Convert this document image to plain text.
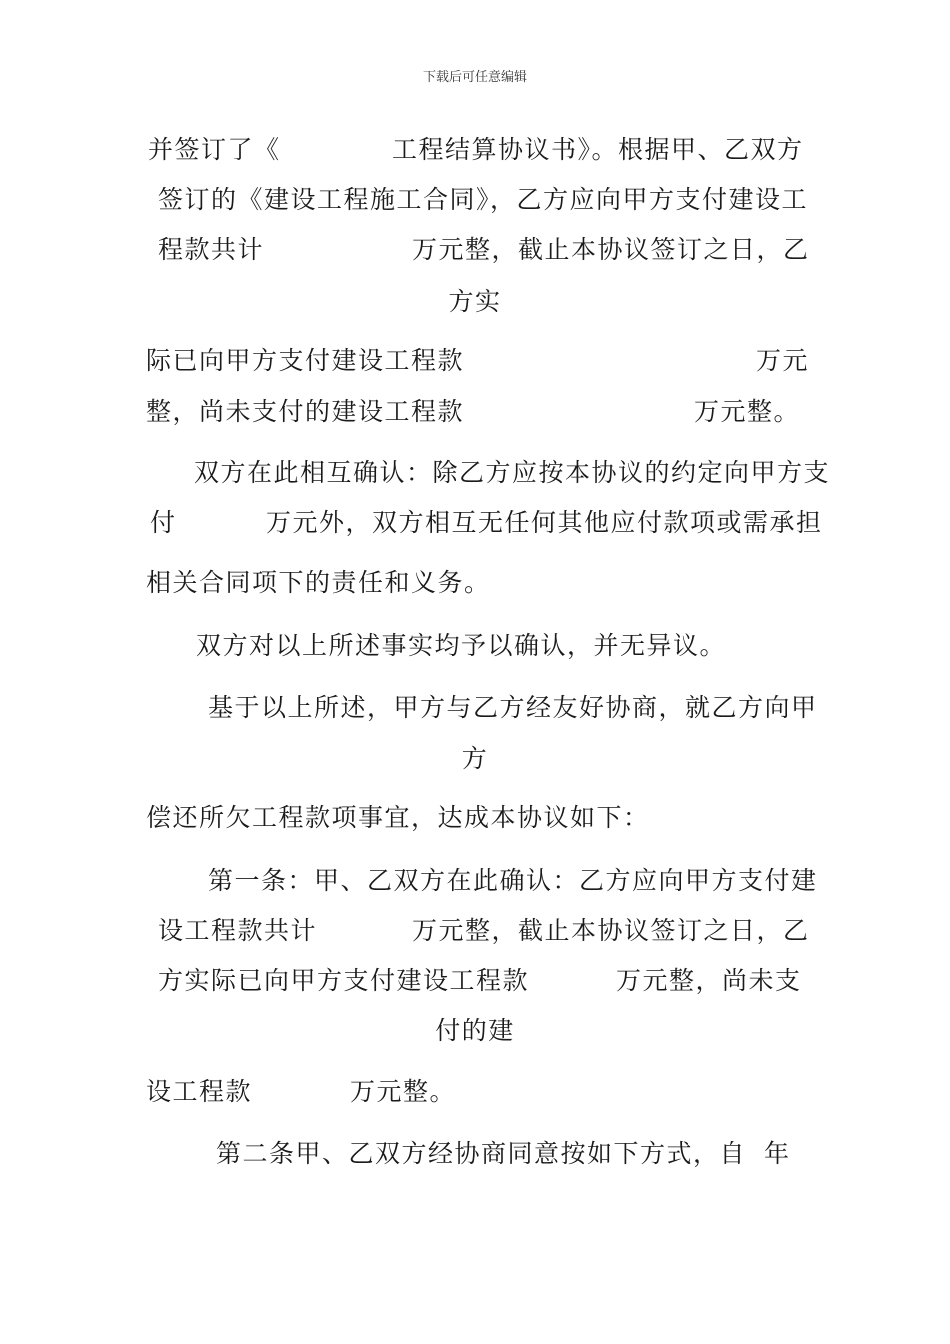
下载后可任意编辑
并签订了《	工程结算协议书》。根据甲、乙双方
签订的《建设工程施工合同》，乙方应向甲方支付建设工
程款共计	万元整，截止本协议签订之日，乙
方实
际已向甲方支付建设工程款	万元
整，尚未支付的建设工程款	万元整。
双方在此相互确认：除乙方应按本协议的约定向甲方支
付	万元外，双方相互无任何其他应付款项或需承担
相关合同项下的责任和义务。
双方对以上所述事实均予以确认，并无异议。
基于以上所述，甲方与乙方经友好协商，就乙方向甲
方
偿还所欠工程款项事宜，达成本协议如下：
第一条：甲、乙双方在此确认：乙方应向甲方支付建
设工程款共计	万元整，截止本协议签订之日，乙
方实际已向甲方支付建设工程款	万元整，尚未支
付的建
设工程款	万元整。
第二条甲、乙双方经协商同意按如下方式，自 年
